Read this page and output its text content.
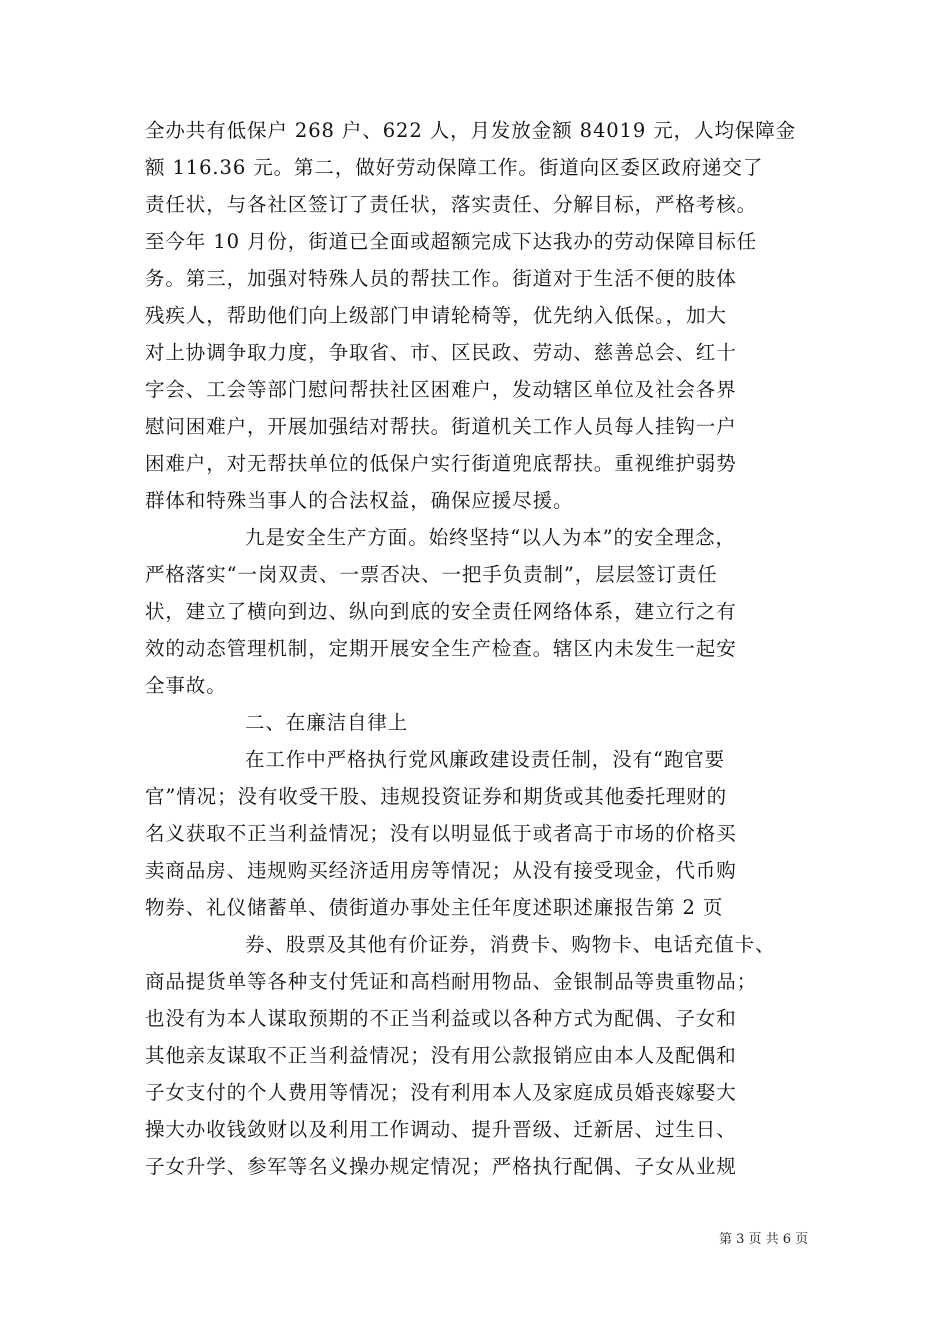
全办共有低保户 268 户、622 人，月发放金额 84019 元，人均保障金
额 116.36 元。第二，做好劳动保障工作。街道向区委区政府递交了
责任状，与各社区签订了责任状，落实责任、分解目标，严格考核。
至今年 10 月份，街道已全面或超额完成下达我办的劳动保障目标任
务。第三，加强对特殊人员的帮扶工作。街道对于生活不便的肢体
残疾人，帮助他们向上级部门申请轮椅等，优先纳入低保。，加大
对上协调争取力度，争取省、市、区民政、劳动、慈善总会、红十
字会、工会等部门慰问帮扶社区困难户，发动辖区单位及社会各界
慰问困难户，开展加强结对帮扶。街道机关工作人员每人挂钩一户
困难户，对无帮扶单位的低保户实行街道兜底帮扶。重视维护弱势
群体和特殊当事人的合法权益，确保应援尽援。
九是安全生产方面。始终坚持“以人为本”的安全理念，
严格落实“一岗双责、一票否决、一把手负责制”，层层签订责任
状，建立了横向到边、纵向到底的安全责任网络体系，建立行之有
效的动态管理机制，定期开展安全生产检查。辖区内未发生一起安
全事故。
二、在廉洁自律上
在工作中严格执行党风廉政建设责任制，没有“跑官要
官”情况；没有收受干股、违规投资证券和期货或其他委托理财的
名义获取不正当利益情况；没有以明显低于或者高于市场的价格买
卖商品房、违规购买经济适用房等情况；从没有接受现金，代币购
物券、礼仪储蓄单、债街道办事处主任年度述职述廉报告第 2 页
券、股票及其他有价证券，消费卡、购物卡、电话充值卡、
商品提货单等各种支付凭证和高档耐用物品、金银制品等贵重物品；
也没有为本人谋取预期的不正当利益或以各种方式为配偶、子女和
其他亲友谋取不正当利益情况；没有用公款报销应由本人及配偶和
子女支付的个人费用等情况；没有利用本人及家庭成员婚丧嫁娶大
操大办收钱敛财以及利用工作调动、提升晋级、迁新居、过生日、
子女升学、参军等名义操办规定情况；严格执行配偶、子女从业规
第 3 页 共 6 页
